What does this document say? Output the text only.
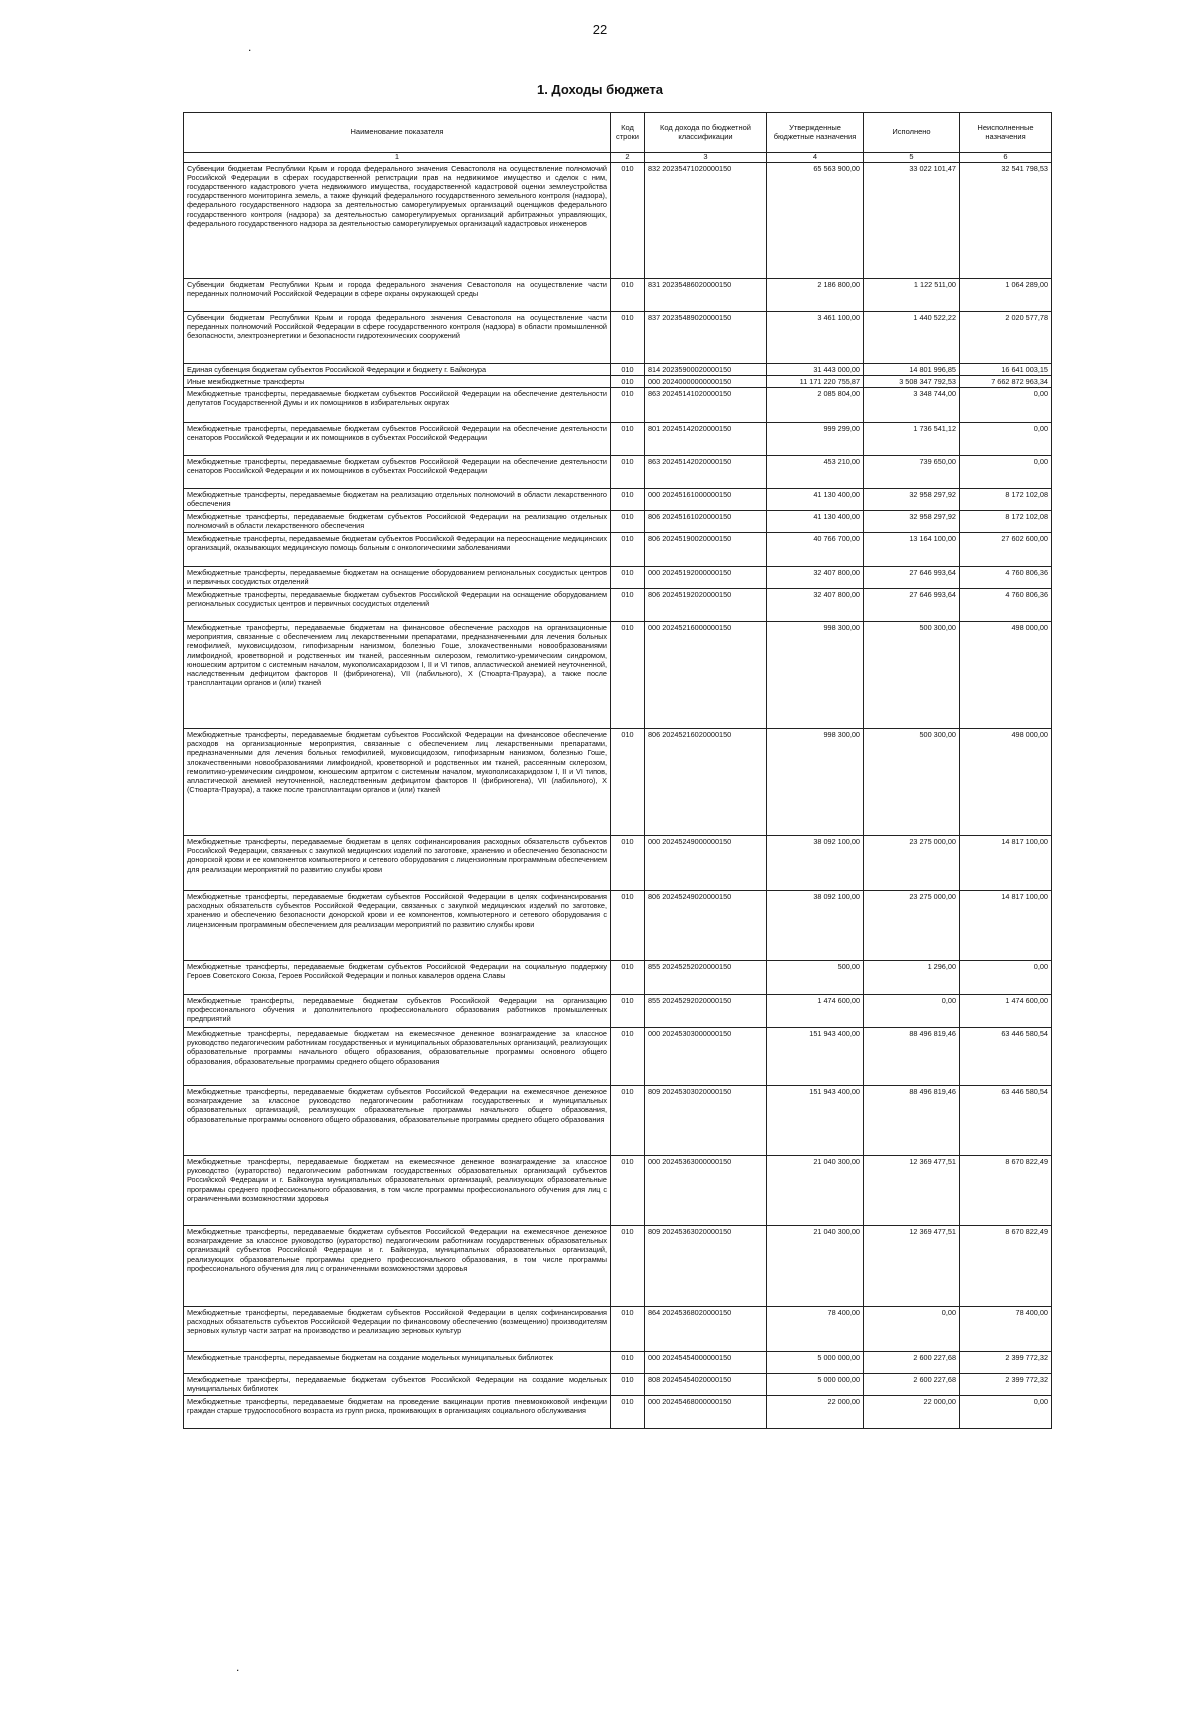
22
.
1. Доходы бюджета
Наименование показателя	Код строки	Код дохода по бюджетной классификации	Утвержденные бюджетные назначения	Исполнено	Неисполненные назначения
1	2	3	4	5	6
Субвенции бюджетам Республики Крым и города федерального значения Севастополя на осуществление полномочий Российской Федерации в сферах государственной регистрации прав на недвижимое имущество и сделок с ним, государственного кадастрового учета недвижимого имущества, государственной кадастровой оценки землеустройства государственного мониторинга земель, а также функций федерального государственного земельного контроля (надзора), федерального государственного надзора за деятельностью саморегулируемых организаций оценщиков федерального государственного контроля (надзора) за деятельностью саморегулируемых организаций арбитражных управляющих, федерального государственного надзора за деятельностью саморегулируемых организаций кадастровых инженеров	010	832 20235471020000150	65 563 900,00	33 022 101,47	32 541 798,53
Субвенции бюджетам Республики Крым и города федерального значения Севастополя на осуществление части переданных полномочий Российской Федерации в сфере охраны окружающей среды	010	831 20235486020000150	2 186 800,00	1 122 511,00	1 064 289,00
Субвенции бюджетам Республики Крым и города федерального значения Севастополя на осуществление части переданных полномочий Российской Федерации в сфере государственного контроля (надзора) в области промышленной безопасности, электроэнергетики и безопасности гидротехнических сооружений	010	837 20235489020000150	3 461 100,00	1 440 522,22	2 020 577,78
Единая субвенция бюджетам субъектов Российской Федерации и бюджету г. Байконура	010	814 20235900020000150	31 443 000,00	14 801 996,85	16 641 003,15
Иные межбюджетные трансферты	010	000 20240000000000150	11 171 220 755,87	3 508 347 792,53	7 662 872 963,34
Межбюджетные трансферты, передаваемые бюджетам субъектов Российской Федерации на обеспечение деятельности депутатов Государственной Думы и их помощников в избирательных округах	010	863 20245141020000150	2 085 804,00	3 348 744,00	0,00
Межбюджетные трансферты, передаваемые бюджетам субъектов Российской Федерации на обеспечение деятельности сенаторов Российской Федерации и их помощников в субъектах Российской Федерации	010	801 20245142020000150	999 299,00	1 736 541,12	0,00
Межбюджетные трансферты, передаваемые бюджетам субъектов Российской Федерации на обеспечение деятельности сенаторов Российской Федерации и их помощников в субъектах Российской Федерации	010	863 20245142020000150	453 210,00	739 650,00	0,00
Межбюджетные трансферты, передаваемые бюджетам на реализацию отдельных полномочий в области лекарственного обеспечения	010	000 20245161000000150	41 130 400,00	32 958 297,92	8 172 102,08
Межбюджетные трансферты, передаваемые бюджетам субъектов Российской Федерации на реализацию отдельных полномочий в области лекарственного обеспечения	010	806 20245161020000150	41 130 400,00	32 958 297,92	8 172 102,08
Межбюджетные трансферты, передаваемые бюджетам субъектов Российской Федерации на переоснащение медицинских организаций, оказывающих медицинскую помощь больным с онкологическими заболеваниями	010	806 20245190020000150	40 766 700,00	13 164 100,00	27 602 600,00
Межбюджетные трансферты, передаваемые бюджетам на оснащение оборудованием региональных сосудистых центров и первичных сосудистых отделений	010	000 20245192000000150	32 407 800,00	27 646 993,64	4 760 806,36
Межбюджетные трансферты, передаваемые бюджетам субъектов Российской Федерации на оснащение оборудованием региональных сосудистых центров и первичных сосудистых отделений	010	806 20245192020000150	32 407 800,00	27 646 993,64	4 760 806,36
Межбюджетные трансферты, передаваемые бюджетам на финансовое обеспечение расходов на организационные мероприятия, связанные с обеспечением лиц лекарственными препаратами, предназначенными для лечения больных гемофилией, муковисцидозом, гипофизарным нанизмом, болезнью Гоше, злокачественными новообразованиями лимфоидной, кроветворной и родственных им тканей, рассеянным склерозом, гемолитико-уремическим синдромом, юношеским артритом с системным началом, мукополисахаридозом I, II и VI типов, апластической анемией неуточненной, наследственным дефицитом факторов II (фибриногена), VII (лабильного), X (Стюарта-Прауэра), а также после трансплантации органов и (или) тканей	010	000 20245216000000150	998 300,00	500 300,00	498 000,00
Межбюджетные трансферты, передаваемые бюджетам субъектов Российской Федерации на финансовое обеспечение расходов на организационные мероприятия, связанные с обеспечением лиц лекарственными препаратами, предназначенными для лечения больных гемофилией, муковисцидозом, гипофизарным нанизмом, болезнью Гоше, злокачественными новообразованиями лимфоидной, кроветворной и родственных им тканей, рассеянным склерозом, гемолитико-уремическим синдромом, юношеским артритом с системным началом, мукополисахаридозом I, II и VI типов, апластической анемией неуточненной, наследственным дефицитом факторов II (фибриногена), VII (лабильного), X (Стюарта-Прауэра), а также после трансплантации органов и (или) тканей	010	806 20245216020000150	998 300,00	500 300,00	498 000,00
Межбюджетные трансферты, передаваемые бюджетам в целях софинансирования расходных обязательств субъектов Российской Федерации, связанных с закупкой медицинских изделий по заготовке, хранению и обеспечению безопасности донорской крови и ее компонентов компьютерного и сетевого оборудования с лицензионным программным обеспечением для реализации мероприятий по развитию службы крови	010	000 20245249000000150	38 092 100,00	23 275 000,00	14 817 100,00
Межбюджетные трансферты, передаваемые бюджетам субъектов Российской Федерации в целях софинансирования расходных обязательств субъектов Российской Федерации, связанных с закупкой медицинских изделий по заготовке, хранению и обеспечению безопасности донорской крови и ее компонентов, компьютерного и сетевого оборудования с лицензионным программным обеспечением для реализации мероприятий по развитию службы крови	010	806 20245249020000150	38 092 100,00	23 275 000,00	14 817 100,00
Межбюджетные трансферты, передаваемые бюджетам субъектов Российской Федерации на социальную поддержку Героев Советского Союза, Героев Российской Федерации и полных кавалеров ордена Славы	010	855 20245252020000150	500,00	1 296,00	0,00
Межбюджетные трансферты, передаваемые бюджетам субъектов Российской Федерации на организацию профессионального обучения и дополнительного профессионального образования работников промышленных предприятий	010	855 20245292020000150	1 474 600,00	0,00	1 474 600,00
Межбюджетные трансферты, передаваемые бюджетам на ежемесячное денежное вознаграждение за классное руководство педагогическим работникам государственных и муниципальных образовательных организаций, реализующих образовательные программы начального общего образования, образовательные программы основного общего образования, образовательные программы среднего общего образования	010	000 20245303000000150	151 943 400,00	88 496 819,46	63 446 580,54
Межбюджетные трансферты, передаваемые бюджетам субъектов Российской Федерации на ежемесячное денежное вознаграждение за классное руководство педагогическим работникам государственных и муниципальных образовательных организаций, реализующих образовательные программы начального общего образования, образовательные программы основного общего образования, образовательные программы среднего общего образования	010	809 20245303020000150	151 943 400,00	88 496 819,46	63 446 580,54
Межбюджетные трансферты, передаваемые бюджетам на ежемесячное денежное вознаграждение за классное руководство (кураторство) педагогическим работникам государственных образовательных организаций субъектов Российской Федерации и г. Байконура муниципальных образовательных организаций, реализующих образовательные программы среднего профессионального образования, в том числе программы профессионального обучения для лиц с ограниченными возможностями здоровья	010	000 20245363000000150	21 040 300,00	12 369 477,51	8 670 822,49
Межбюджетные трансферты, передаваемые бюджетам субъектов Российской Федерации на ежемесячное денежное вознаграждение за классное руководство (кураторство) педагогическим работникам государственных образовательных организаций субъектов Российской Федерации и г. Байконура, муниципальных образовательных организаций, реализующих образовательные программы среднего профессионального образования, в том числе программы профессионального обучения для лиц с ограниченными возможностями здоровья	010	809 20245363020000150	21 040 300,00	12 369 477,51	8 670 822,49
Межбюджетные трансферты, передаваемые бюджетам субъектов Российской Федерации в целях софинансирования расходных обязательств субъектов Российской Федерации по финансовому обеспечению (возмещению) производителям зерновых культур части затрат на производство и реализацию зерновых культур	010	864 20245368020000150	78 400,00	0,00	78 400,00
Межбюджетные трансферты, передаваемые бюджетам на создание модельных муниципальных библиотек	010	000 20245454000000150	5 000 000,00	2 600 227,68	2 399 772,32
Межбюджетные трансферты, передаваемые бюджетам субъектов Российской Федерации на создание модельных муниципальных библиотек	010	808 20245454020000150	5 000 000,00	2 600 227,68	2 399 772,32
Межбюджетные трансферты, передаваемые бюджетам на проведение вакцинации против пневмококковой инфекции граждан старше трудоспособного возраста из групп риска, проживающих в организациях социального обслуживания	010	000 20245468000000150	22 000,00	22 000,00	0,00
.
